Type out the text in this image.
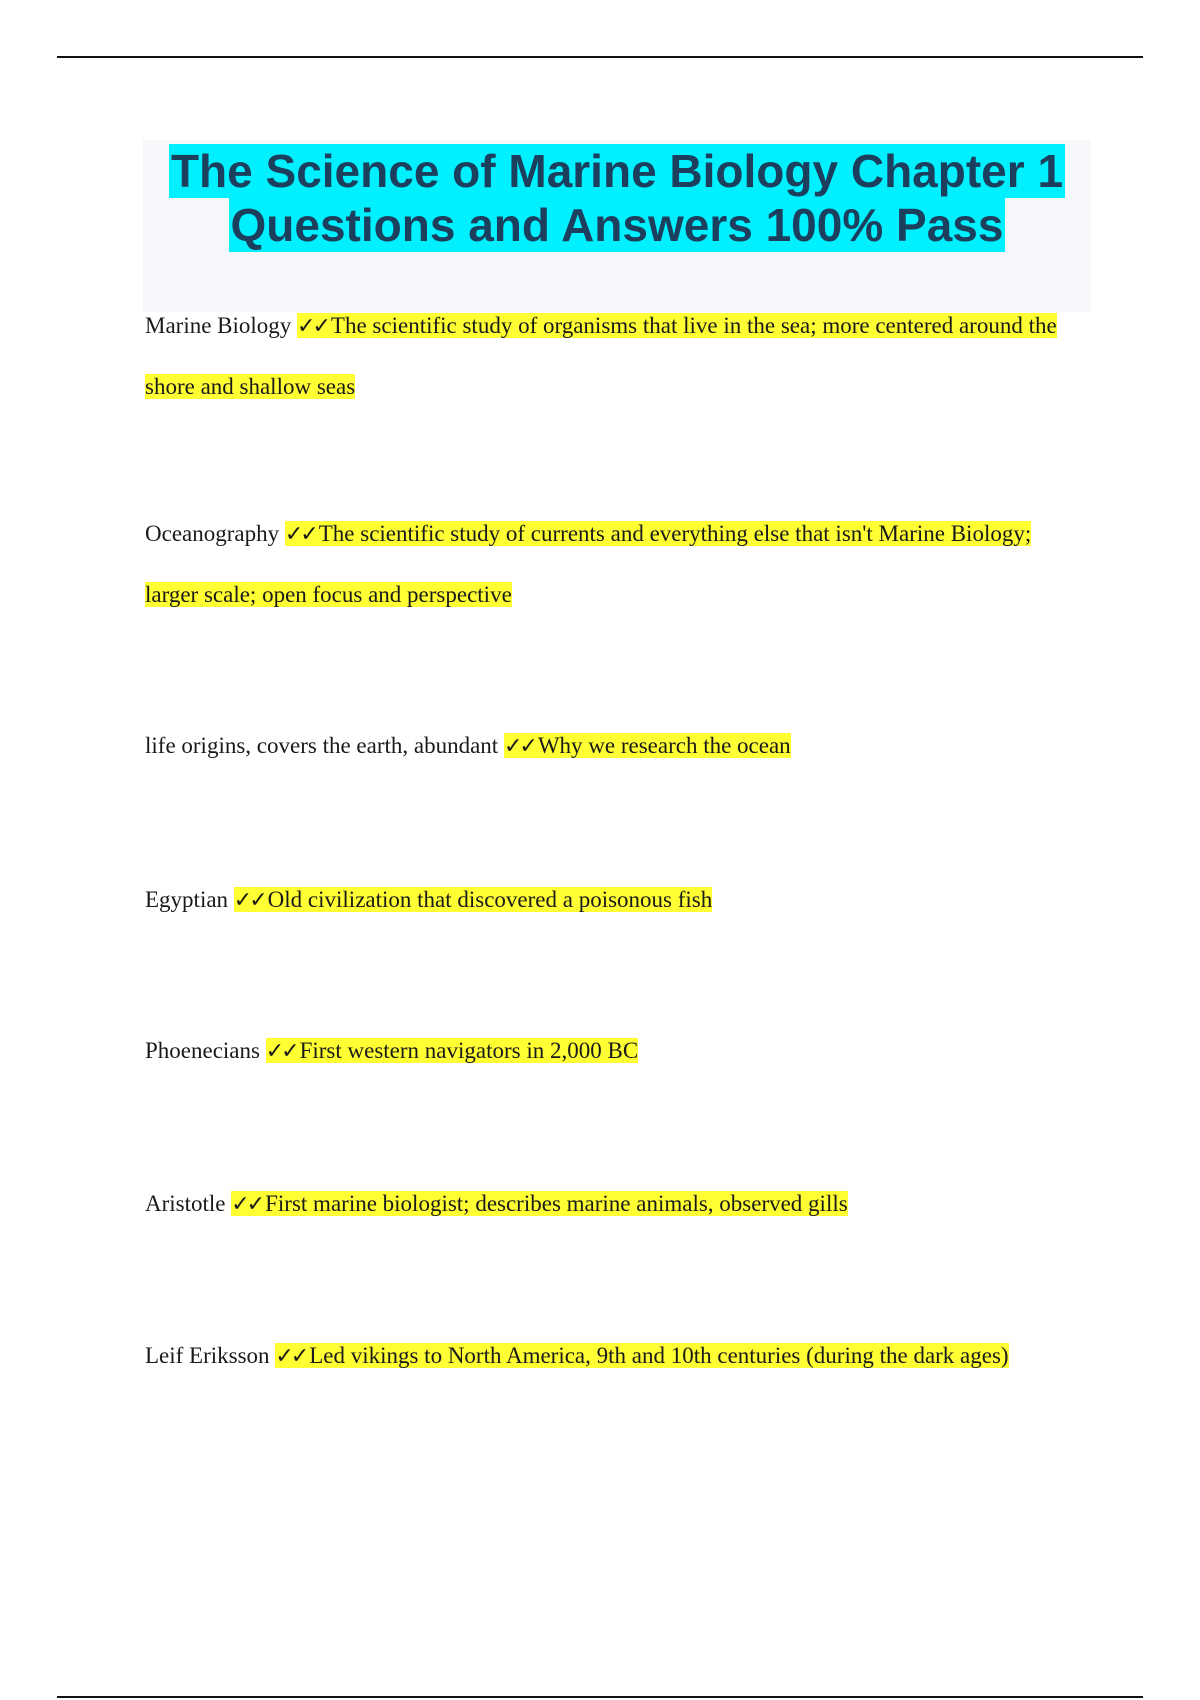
The Science of Marine Biology Chapter 1
Questions and Answers 100% Pass

Marine Biology ✓✓ The scientific study of organisms that live in the sea; more centered around the shore and shallow seas

Oceanography ✓✓ The scientific study of currents and everything else that isn't Marine Biology; larger scale; open focus and perspective

life origins, covers the earth, abundant ✓✓ Why we research the ocean

Egyptian ✓✓ Old civilization that discovered a poisonous fish

Phoenecians ✓✓ First western navigators in 2,000 BC

Aristotle ✓✓ First marine biologist; describes marine animals, observed gills

Leif Eriksson ✓✓ Led vikings to North America, 9th and 10th centuries (during the dark ages)
